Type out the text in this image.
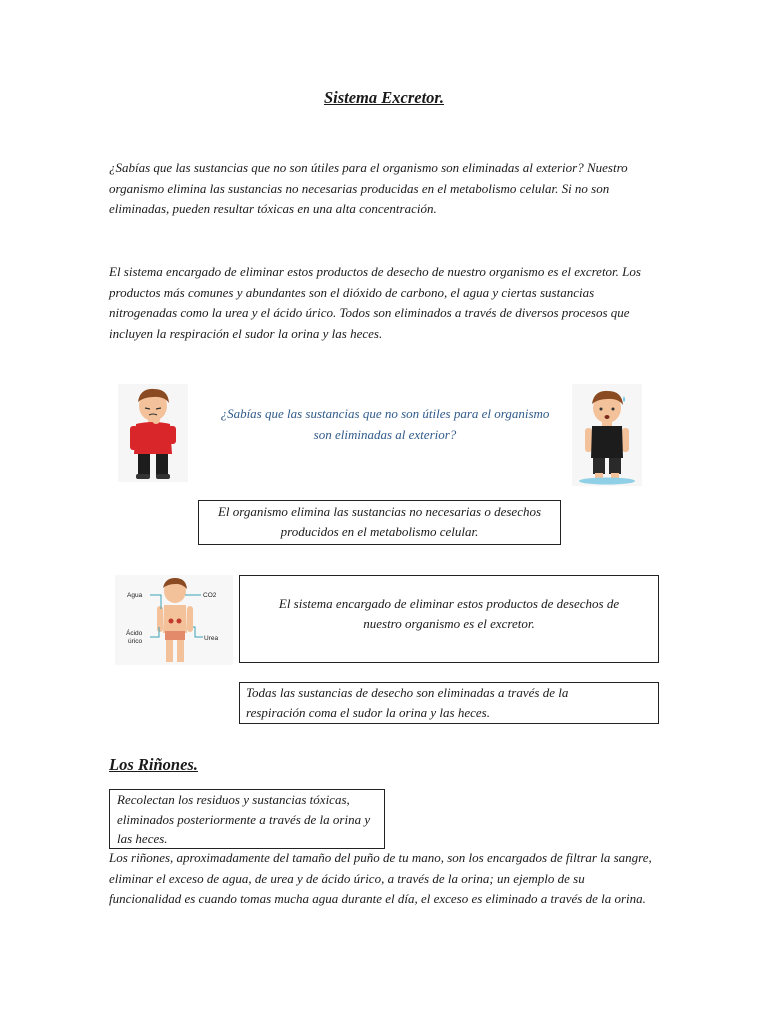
Sistema Excretor.

¿Sabías que las sustancias que no son útiles para el organismo son eliminadas al exterior? Nuestro organismo elimina las sustancias no necesarias producidas en el metabolismo celular. Si no son eliminadas, pueden resultar tóxicas en una alta concentración.

El sistema encargado de eliminar estos productos de desecho de nuestro organismo es el excretor. Los productos más comunes y abundantes son el dióxido de carbono, el agua y ciertas sustancias nitrogenadas como la urea y el ácido úrico. Todos son eliminados a través de diversos procesos que incluyen la respiración el sudor la orina y las heces.

¿Sabías que las sustancias que no son útiles para el organismo son eliminadas al exterior?
El organismo elimina las sustancias no necesarias o desechos producidos en el metabolismo celular.
Agua	CO2
Ácido
úrico	Urea
El sistema encargado de eliminar estos productos de desechos de nuestro organismo es el excretor.
Todas las sustancias de desecho son eliminadas a través de la respiración coma el sudor la orina y las heces.
Los Riñones.
Recolectan los residuos y sustancias tóxicas, eliminados posteriormente a través de la orina y las heces.

Los riñones, aproximadamente del tamaño del puño de tu mano, son los encargados de filtrar la sangre, eliminar el exceso de agua, de urea y de ácido úrico, a través de la orina; un ejemplo de su funcionalidad es cuando tomas mucha agua durante el día, el exceso es eliminado a través de la orina.
